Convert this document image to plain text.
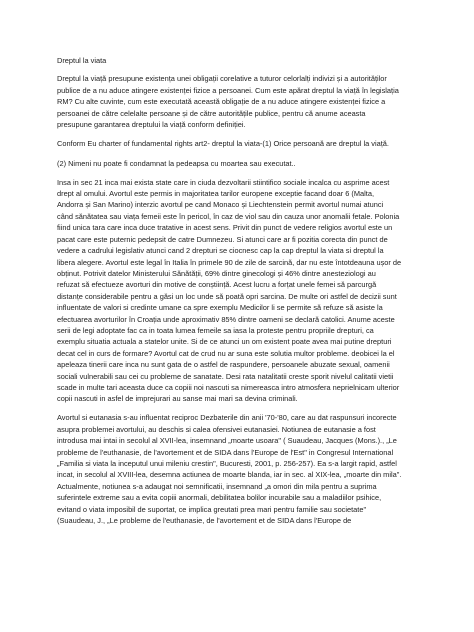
Dreptul la viata
Dreptul la viață presupune existența unei obligații corelative a tuturor celorlalți indivizi și a autorităților
publice de a nu aduce atingere existenței fizice a persoanei. Cum este apărat dreptul la viață în legislația
RM? Cu alte cuvinte, cum este executată această obligație de a nu aduce atingere existenței fizice a
persoanei de către celelalte persoane și de către autoritățile publice, pentru că anume aceasta
presupune garantarea dreptului la viață conform definiției.
Conform Eu charter of fundamental rights art2- dreptul la viata-(1) Orice persoană are dreptul la viață.
(2) Nimeni nu poate fi condamnat la pedeapsa cu moartea sau executat..
Insa in sec 21 inca mai exista state care in ciuda dezvoltarii stiintifico sociale incalca cu asprime acest
drept al omului. Avortul este permis in majoritatea tarilor europene exceptie facand doar 6 (Malta,
Andorra și San Marino) interzic avortul pe cand Monaco și Liechtenstein permit avortul numai atunci
când sănătatea sau viața femeii este în pericol, în caz de viol sau din cauza unor anomalii fetale. Polonia
fiind unica tara care inca duce tratative in acest sens. Privit din punct de vedere religios avortul este un
pacat care este puternic pedepsit de catre Dumnezeu. Si atunci care ar fi pozitia corecta din punct de
vedere a cadrului legislativ atunci cand 2 drepturi se ciocnesc cap la cap dreptul la viata si dreptul la
libera alegere. Avortul este legal în Italia în primele 90 de zile de sarcină, dar nu este întotdeauna ușor de
obținut. Potrivit datelor Ministerului Sănătății, 69% dintre ginecologi și 46% dintre anesteziologi au
refuzat să efectueze avorturi din motive de conștiință. Acest lucru a forțat unele femei să parcurgă
distanțe considerabile pentru a găsi un loc unde să poată opri sarcina. De multe ori astfel de decizii sunt
influentate de valori si credinte umane ca spre exemplu Medicilor li se permite să refuze să asiste la
efectuarea avorturilor în Croația unde aproximativ 85% dintre oameni se declară catolici. Anume aceste
serii de legi adoptate fac ca in toata lumea femeile sa iasa la proteste pentru propriile drepturi, ca
exemplu situatia actuala a statelor unite. Si de ce atunci un om existent poate avea mai putine drepturi
decat cel in curs de formare? Avortul cat de crud nu ar suna este solutia multor probleme. deobicei la el
apeleaza tinerii care inca nu sunt gata de o astfel de raspundere, persoanele abuzate sexual, oamenii
sociali vulnerabili sau cei cu probleme de sanatate. Desi rata natalitatii creste sporit nivelul calitatii vietii
scade in multe tari aceasta duce ca copiii noi nascuti sa nimereasca intro atmosfera neprielnicam ulterior
copii nascuti in asfel de imprejurari au sanse mai mari sa devina criminali.
Avortul si eutanasia s-au influentat reciproc Dezbaterile din anii '70-'80, care au dat raspunsuri incorecte
asupra problemei avortului, au deschis si calea ofensivei eutanasiei. Notiunea de eutanasie a fost
introdusa mai intai in secolul al XVII-lea, insemnand „moarte usoara" ( Suaudeau, Jacques (Mons.)., „Le
probleme de l'euthanasie, de l'avortement et de SIDA dans l'Europe de l'Est" in Congresul International
„Familia si viata la inceputul unui mileniu crestin", Bucuresti, 2001, p. 256-257). Ea s-a largit rapid, astfel
incat, in secolul al XVIII-lea, desemna actiunea de moarte blanda, iar in sec. al XIX-lea, „moarte din mila".
Actualmente, notiunea s-a adaugat noi semnificatii, insemnand „a omori din mila pentru a suprima
suferintele extreme sau a evita copiii anormali, debilitatea bolilor incurabile sau a maladiilor psihice,
evitand o viata imposibil de suportat, ce implica greutati prea mari pentru familie sau societate"
(Suaudeau, J., „Le probleme de l'euthanasie, de l'avortement et de SIDA dans l'Europe de
